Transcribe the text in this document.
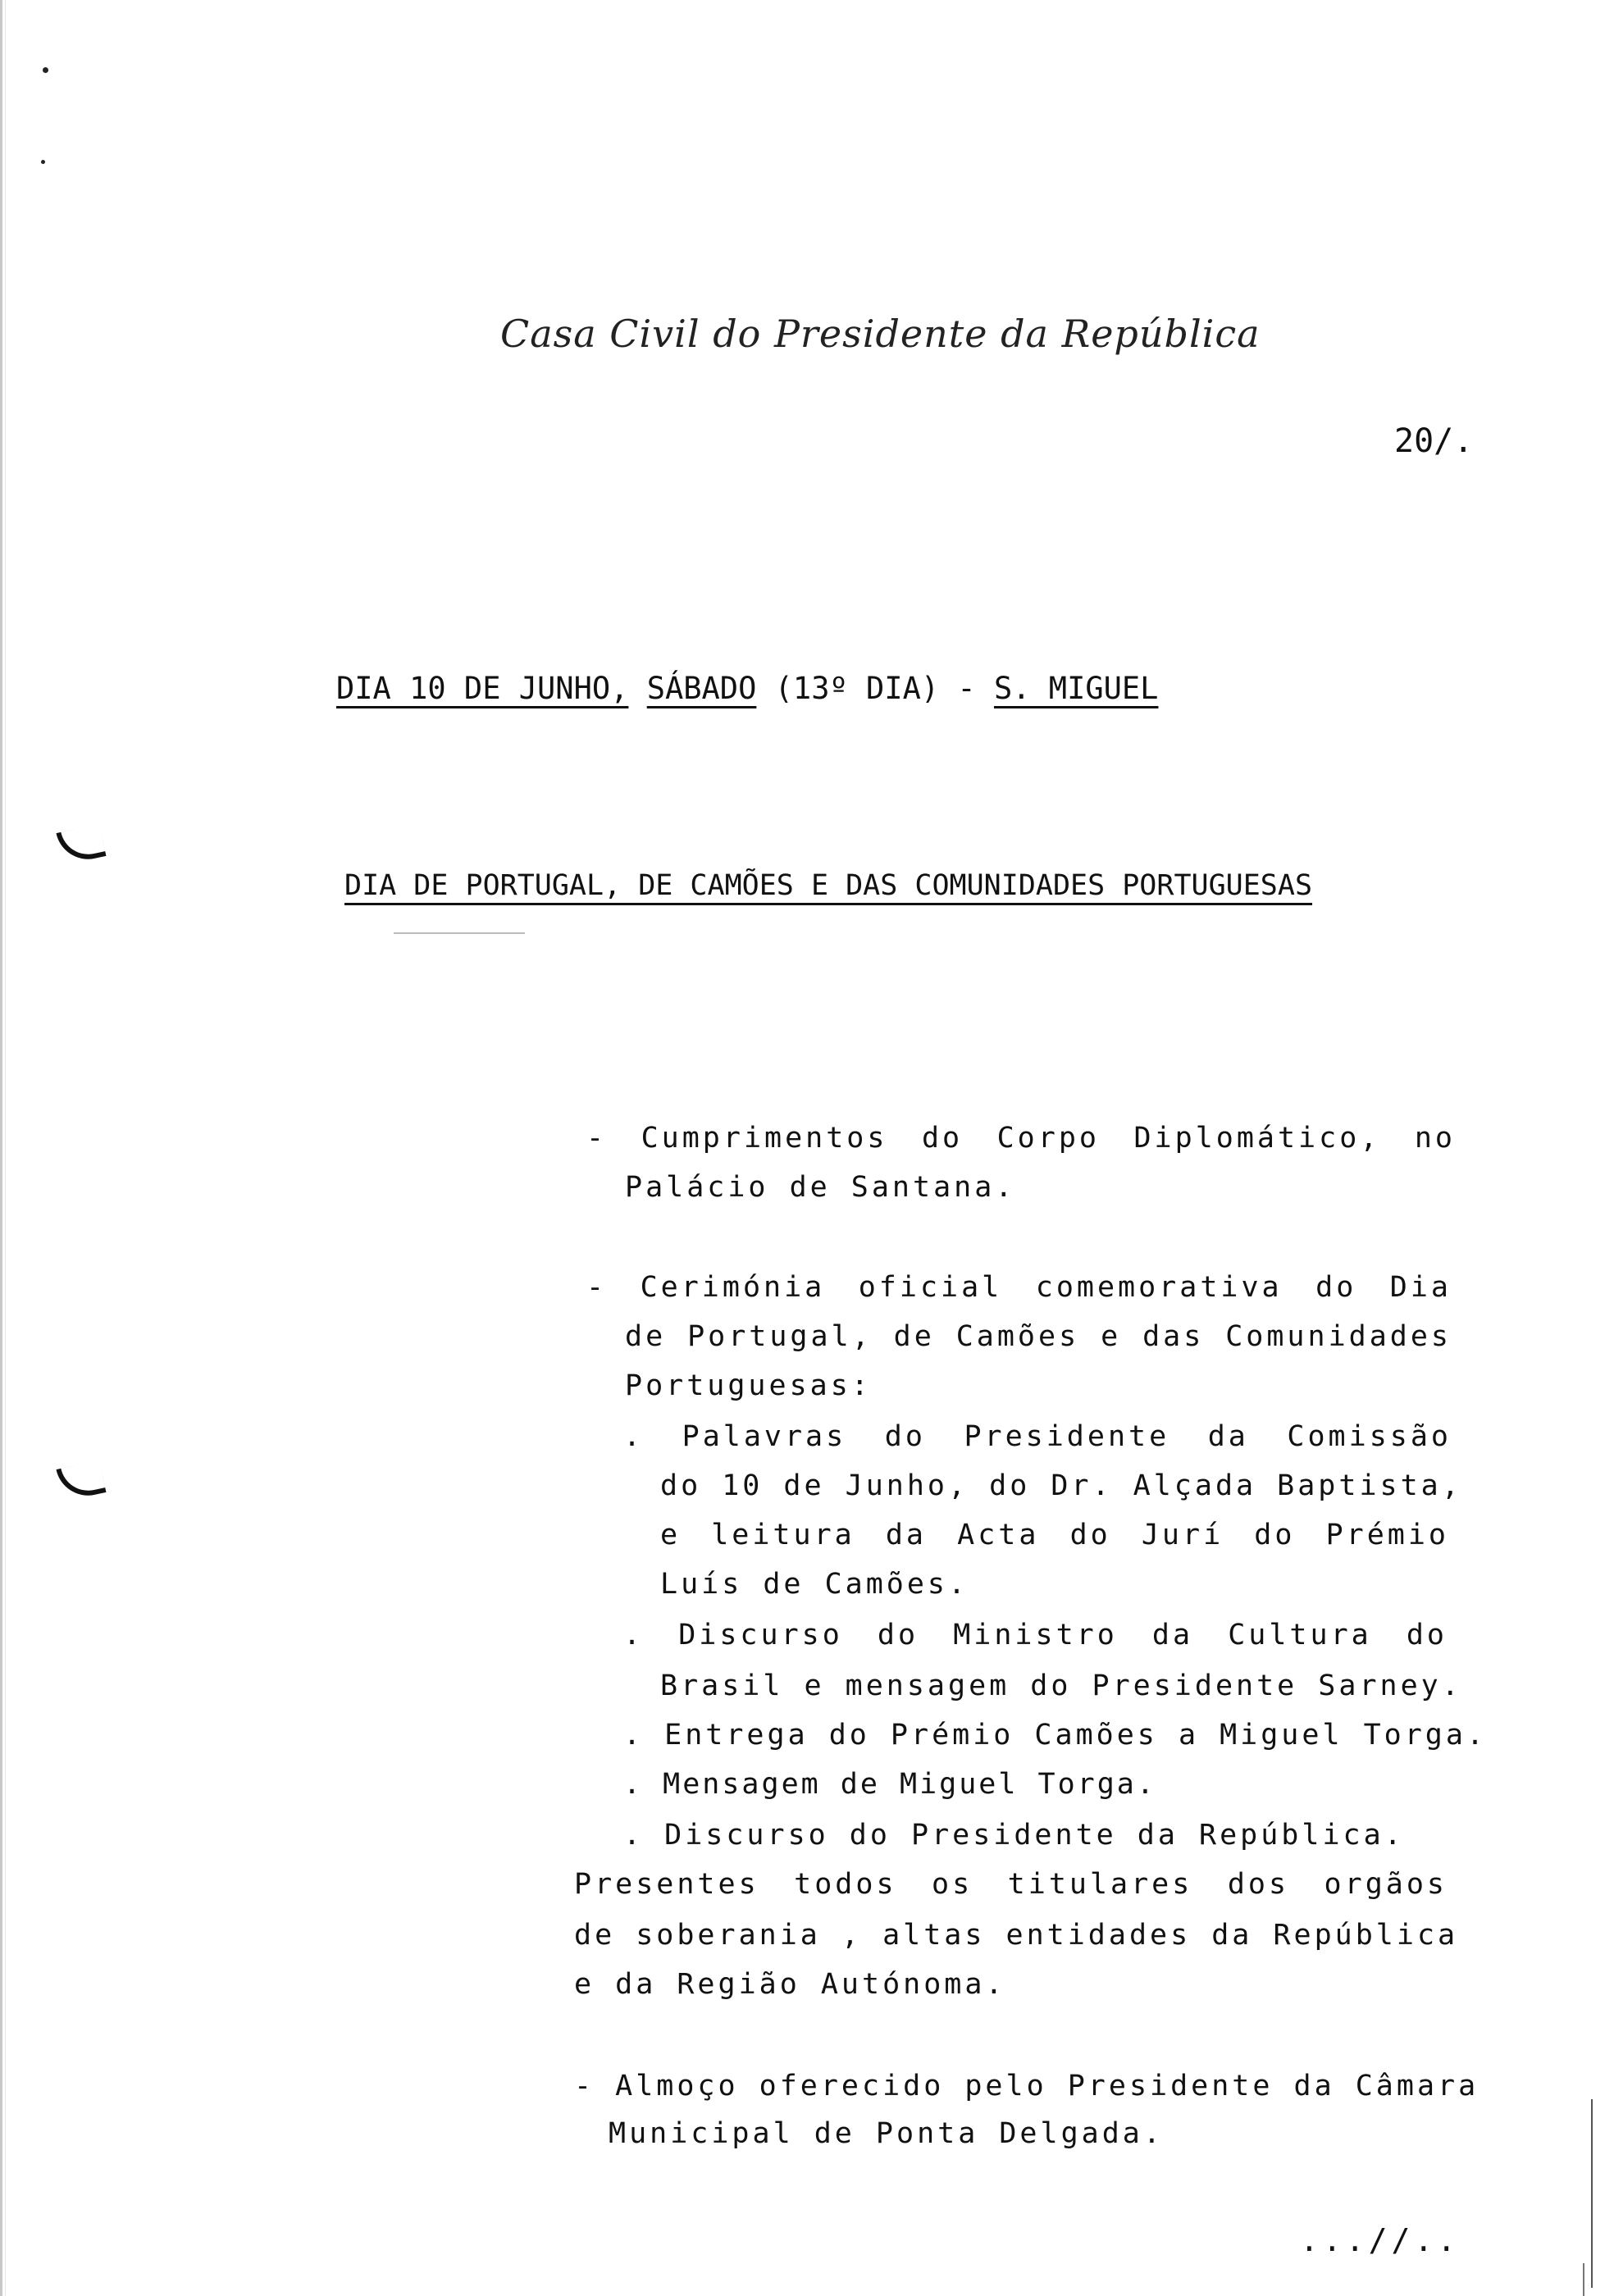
Casa Civil do Presidente da República
20/.
DIA 10 DE JUNHO, SÁBADO (13º DIA) - S. MIGUEL
DIA DE PORTUGAL, DE CAMÕES E DAS COMUNIDADES PORTUGUESAS
- Cumprimentos do Corpo Diplomático, no
Palácio de Santana.
- Cerimónia oficial comemorativa do Dia
de Portugal, de Camões e das Comunidades
Portuguesas:
. Palavras do Presidente da Comissão
do 10 de Junho, do Dr. Alçada Baptista,
e leitura da Acta do Jurí do Prémio
Luís de Camões.
. Discurso do Ministro da Cultura do
Brasil e mensagem do Presidente Sarney.
. Entrega do Prémio Camões a Miguel Torga.
. Mensagem de Miguel Torga.
. Discurso do Presidente da República.
Presentes todos os titulares dos orgãos
de soberania , altas entidades da República
e da Região Autónoma.
- Almoço oferecido pelo Presidente da Câmara
Municipal de Ponta Delgada.
...//..
